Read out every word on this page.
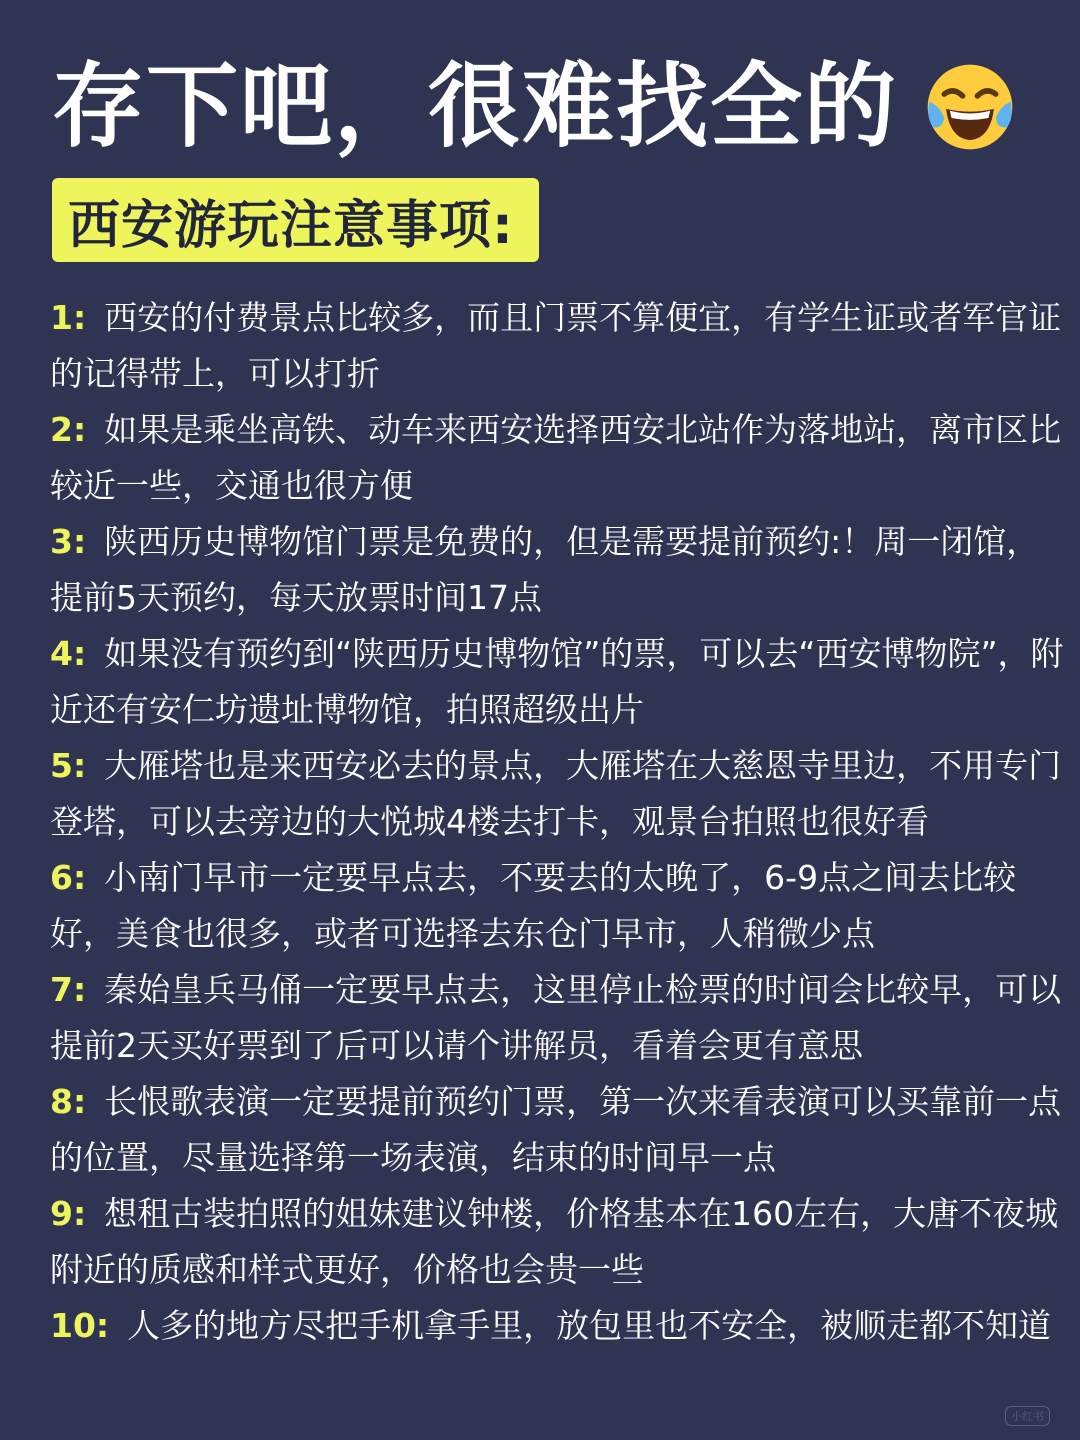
存下吧，很难找全的
西安游玩注意事项:
1: 西安的付费景点比较多，而且门票不算便宜，有学生证或者军官证的记得带上，可以打折
2: 如果是乘坐高铁、动车来西安选择西安北站作为落地站，离市区比较近一些，交通也很方便
3: 陕西历史博物馆门票是免费的，但是需要提前预约:！周一闭馆，提前5天预约，每天放票时间17点
4: 如果没有预约到“陕西历史博物馆”的票，可以去“西安博物院”，附近还有安仁坊遗址博物馆，拍照超级出片
5: 大雁塔也是来西安必去的景点，大雁塔在大慈恩寺里边，不用专门登塔，可以去旁边的大悦城4楼去打卡，观景台拍照也很好看
6: 小南门早市一定要早点去，不要去的太晚了，6-9点之间去比较好，美食也很多，或者可选择去东仓门早市，人稍微少点
7: 秦始皇兵马俑一定要早点去，这里停止检票的时间会比较早，可以提前2天买好票到了后可以请个讲解员，看着会更有意思
8: 长恨歌表演一定要提前预约门票，第一次来看表演可以买靠前一点的位置，尽量选择第一场表演，结束的时间早一点
9: 想租古装拍照的姐妹建议钟楼，价格基本在160左右，大唐不夜城附近的质感和样式更好，价格也会贵一些
10: 人多的地方尽把手机拿手里，放包里也不安全，被顺走都不知道
小红书
